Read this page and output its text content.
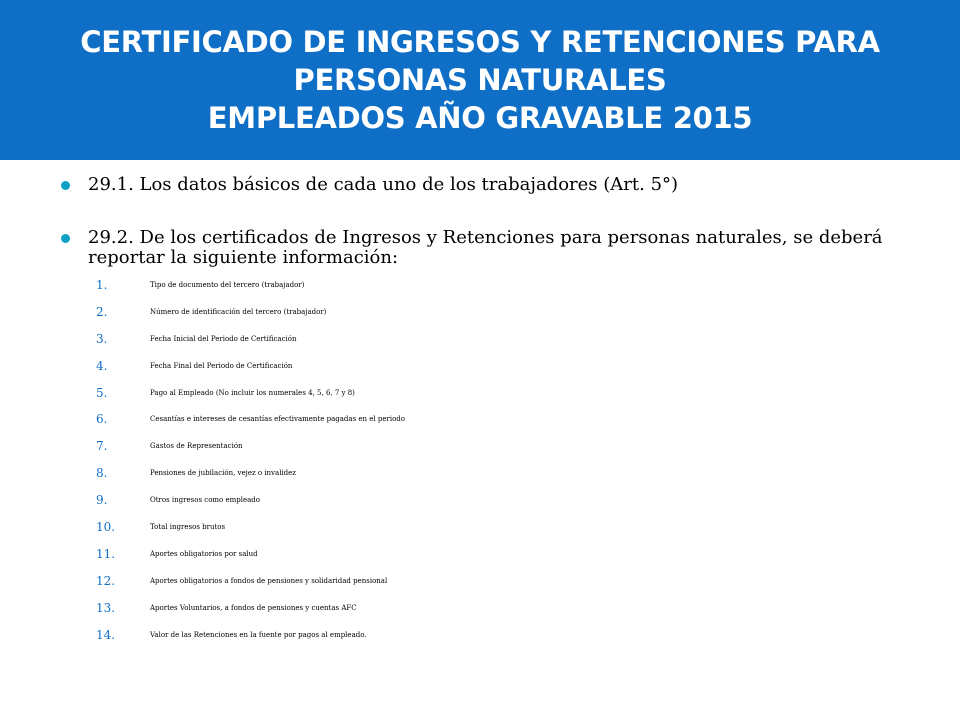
CERTIFICADO DE INGRESOS Y RETENCIONES PARA
PERSONAS NATURALES
EMPLEADOS AÑO GRAVABLE 2015
29.1. Los datos básicos de cada uno de los trabajadores (Art. 5°)
29.2. De los certificados de Ingresos y Retenciones para personas naturales, se deberá reportar la siguiente información:
1.	Tipo de documento del tercero (trabajador)
2.	Número de identificación del tercero (trabajador)
3.	Fecha Inicial del Periodo de Certificación
4.	Fecha Final del Periodo de Certificación
5.	Pago al Empleado (No incluir los numerales 4, 5, 6, 7 y 8)
6.	Cesantías e intereses de cesantías efectivamente pagadas en el periodo
7.	Gastos de Representación
8.	Pensiones de jubilación, vejez o invalidez
9.	Otros ingresos como empleado
10.	Total ingresos brutos
11.	Aportes obligatorios por salud
12.	Aportes obligatorios a fondos de pensiones y solidaridad pensional
13.	Aportes Voluntarios, a fondos de pensiones y cuentas AFC
14.	Valor de las Retenciones en la fuente por pagos al empleado.
